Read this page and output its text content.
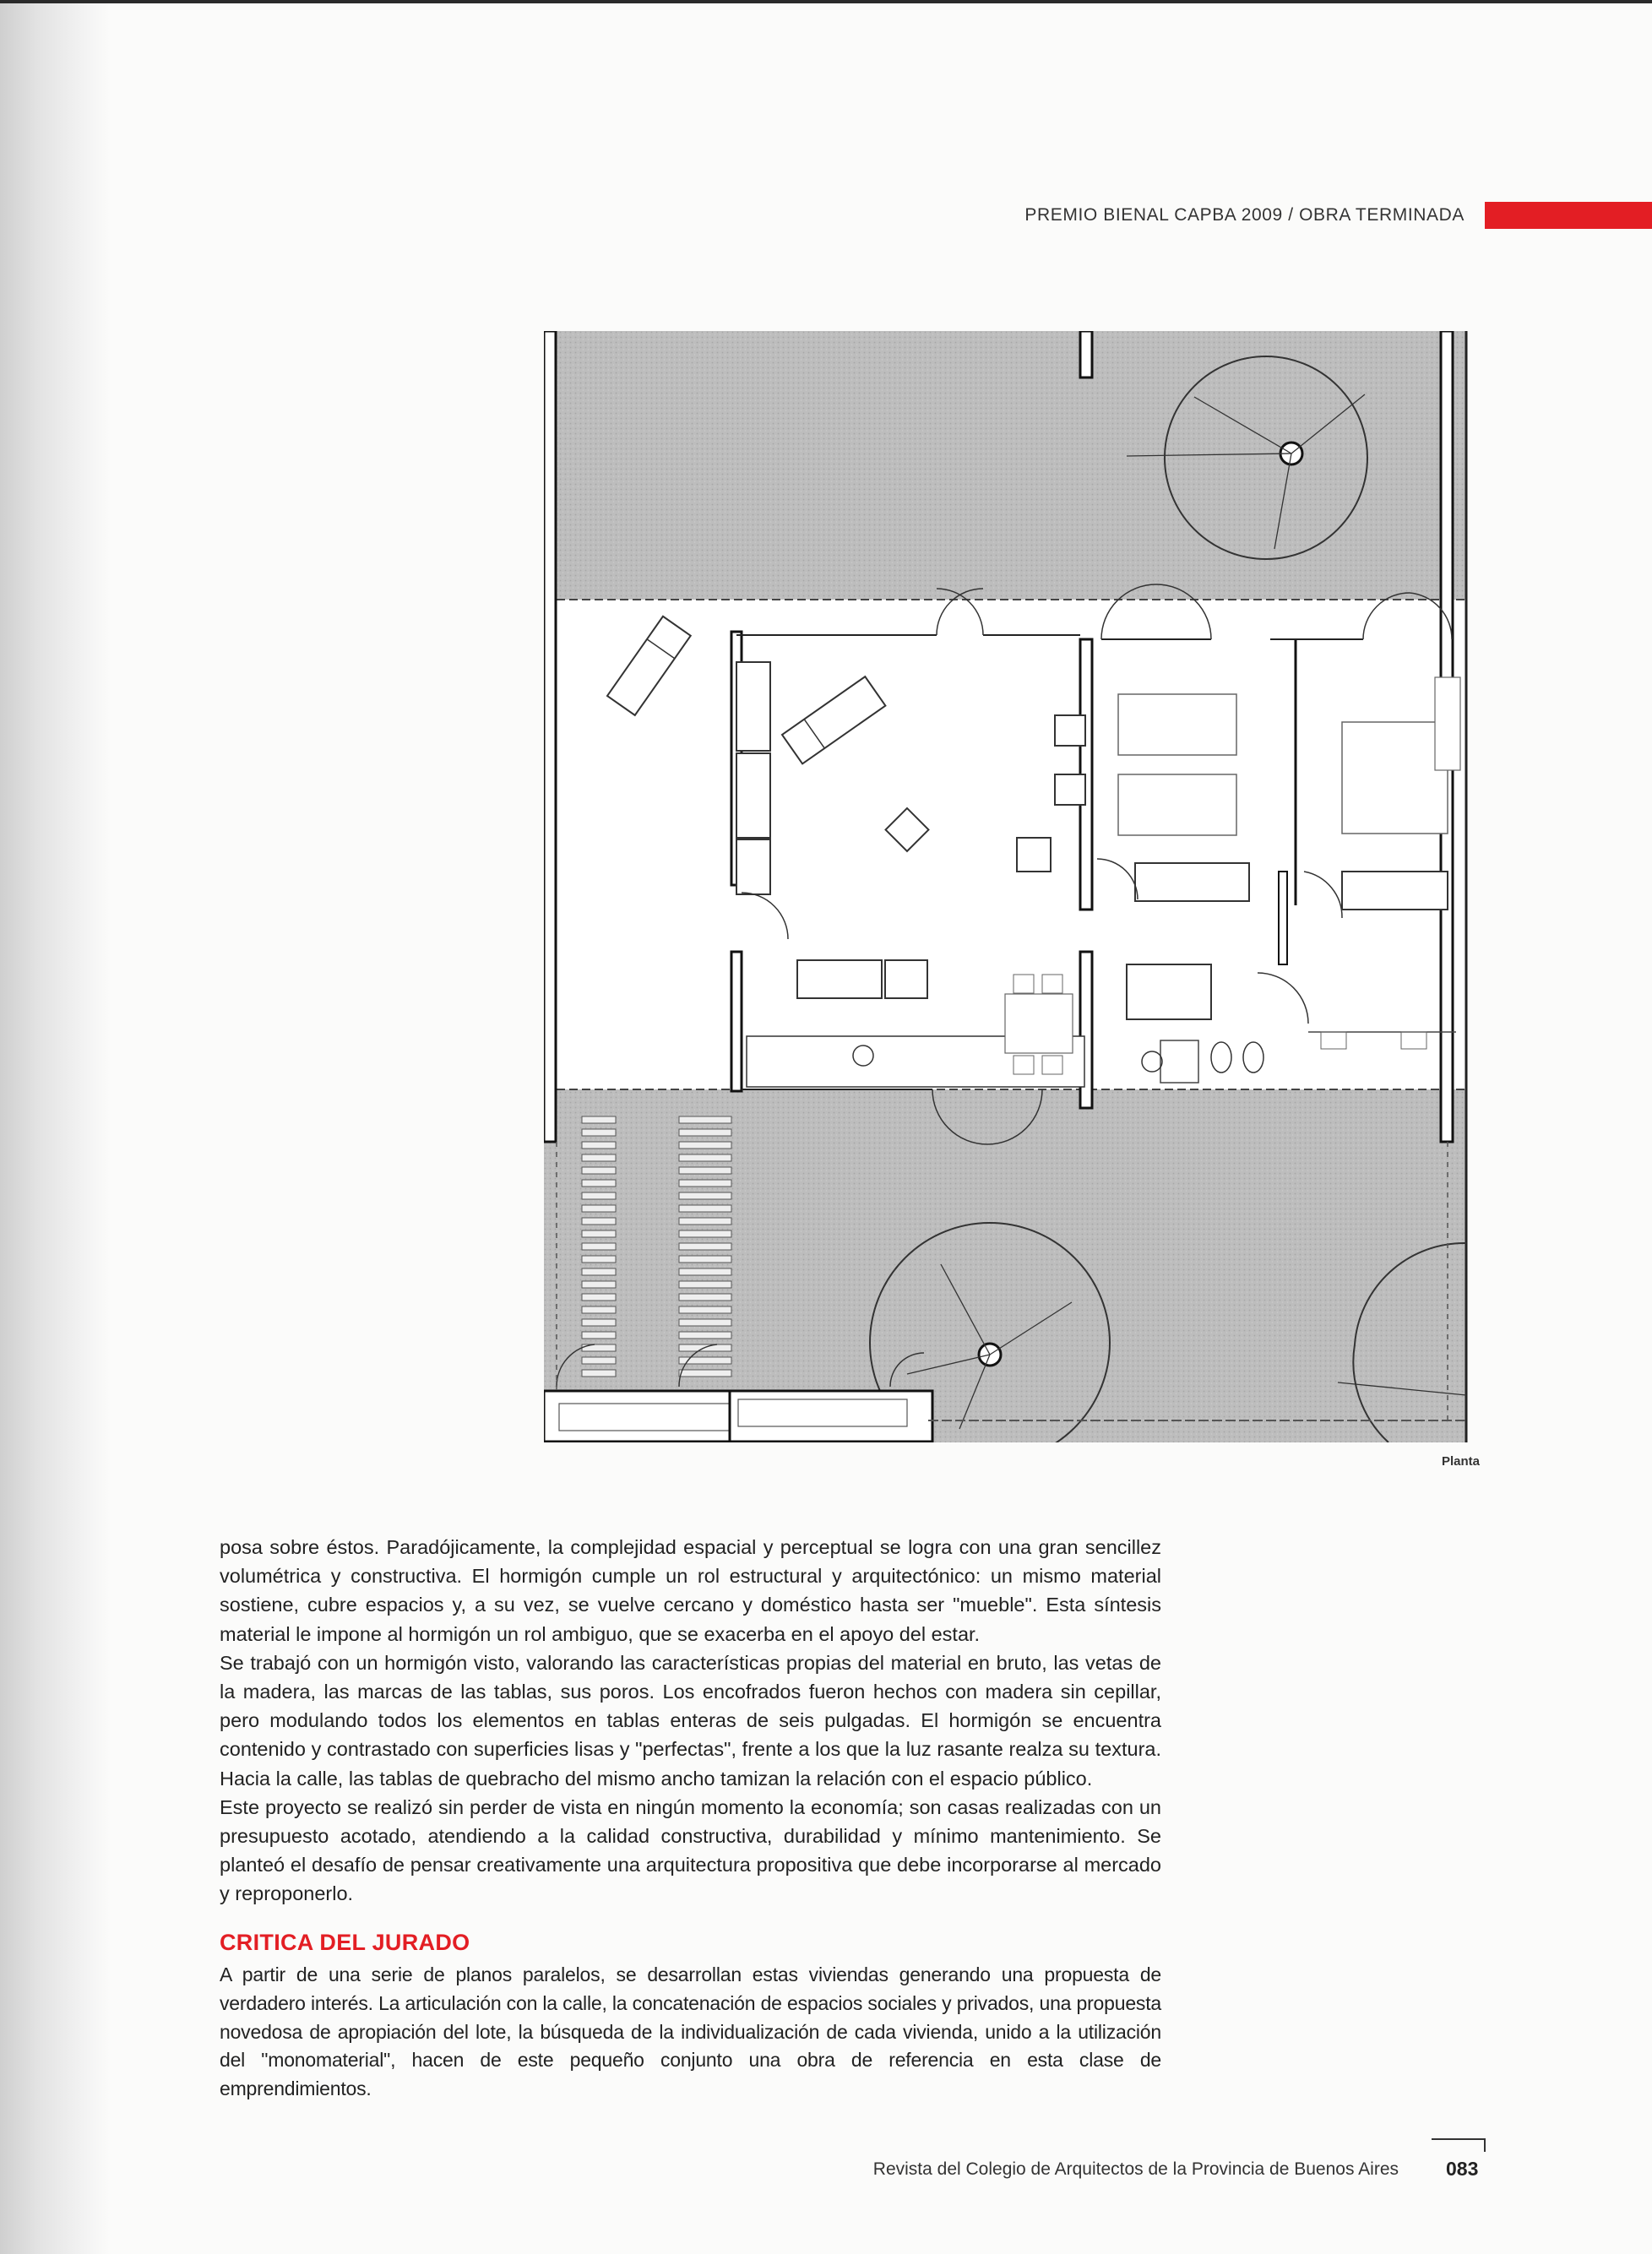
PREMIO BIENAL CAPBA 2009 / OBRA TERMINADA
Planta

posa sobre éstos. Paradójicamente, la complejidad espacial y perceptual se logra con una gran sencillez volumétrica y constructiva. El hormigón cumple un rol estructural y arquitectónico: un mismo material sostiene, cubre espacios y, a su vez, se vuelve cercano y doméstico hasta ser "mueble". Esta síntesis material le impone al hormigón un rol ambiguo, que se exacerba en el apoyo del estar.

Se trabajó con un hormigón visto, valorando las características propias del material en bruto, las vetas de la madera, las marcas de las tablas, sus poros. Los encofrados fueron hechos con madera sin cepillar, pero modulando todos los elementos en tablas enteras de seis pulgadas. El hormigón se encuentra contenido y contrastado con superficies lisas y "perfectas", frente a los que la luz rasante realza su textura. Hacia la calle, las tablas de quebracho del mismo ancho tamizan la relación con el espacio público.

Este proyecto se realizó sin perder de vista en ningún momento la economía; son casas realizadas con un presupuesto acotado, atendiendo a la calidad constructiva, durabilidad y mínimo mantenimiento. Se planteó el desafío de pensar creativamente una arquitectura propositiva que debe incorporarse al mercado y reproponerlo.

CRITICA DEL JURADO

A partir de una serie de planos paralelos, se desarrollan estas viviendas generando una propuesta de verdadero interés. La articulación con la calle, la concatenación de espacios sociales y privados, una propuesta novedosa de apropiación del lote, la búsqueda de la individualización de cada vivienda, unido a la utilización del "monomaterial", hacen de este pequeño conjunto una obra de referencia en esta clase de emprendimientos.

Revista del Colegio de Arquitectos de la Provincia de Buenos Aires 083
